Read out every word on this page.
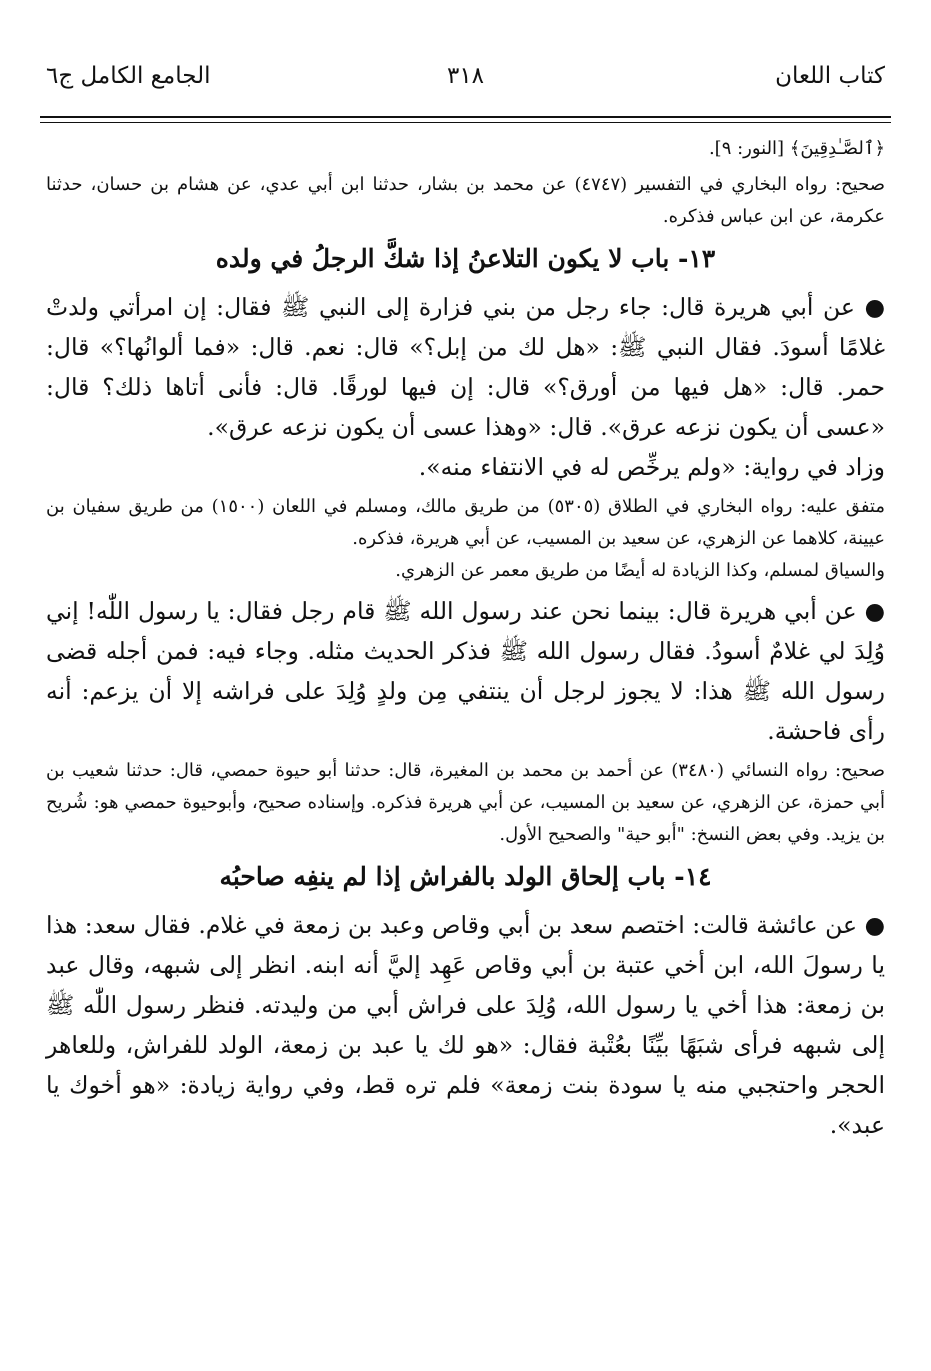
كتاب اللعان
٣١٨
الجامع الكامل ج٦

﴿ٱلصَّـٰدِقِينَ﴾ [النور: ٩].

صحيح: رواه البخاري في التفسير (٤٧٤٧) عن محمد بن بشار، حدثنا ابن أبي عدي، عن هشام بن حسان، حدثنا عكرمة، عن ابن عباس فذكره.

١٣- باب لا يكون التلاعنُ إذا شكَّ الرجلُ في ولده

● عن أبي هريرة قال: جاء رجل من بني فزارة إلى النبي ﷺ فقال: إن امرأتي ولدتْ غلامًا أسودَ. فقال النبي ﷺ: «هل لك من إبل؟» قال: نعم. قال: «فما ألوانُها؟» قال: حمر. قال: «هل فيها من أورق؟» قال: إن فيها لورقًا. قال: فأنى أتاها ذلك؟ قال: «عسى أن يكون نزعه عرق». قال: «وهذا عسى أن يكون نزعه عرق».

وزاد في رواية: «ولم يرخِّص له في الانتفاء منه».

متفق عليه: رواه البخاري في الطلاق (٥٣٠٥) من طريق مالك، ومسلم في اللعان (١٥٠٠) من طريق سفيان بن عيينة، كلاهما عن الزهري، عن سعيد بن المسيب، عن أبي هريرة، فذكره.

والسياق لمسلم، وكذا الزيادة له أيضًا من طريق معمر عن الزهري.

● عن أبي هريرة قال: بينما نحن عند رسول الله ﷺ قام رجل فقال: يا رسول اللّٰه! إني وُلِدَ لي غلامٌ أسودُ. فقال رسول الله ﷺ فذكر الحديث مثله. وجاء فيه: فمن أجله قضى رسول الله ﷺ هذا: لا يجوز لرجل أن ينتفي مِن ولدٍ وُلِدَ على فراشه إلا أن يزعم: أنه رأى فاحشة.

صحيح: رواه النسائي (٣٤٨٠) عن أحمد بن محمد بن المغيرة، قال: حدثنا أبو حيوة حمصي، قال: حدثنا شعيب بن أبي حمزة، عن الزهري، عن سعيد بن المسيب، عن أبي هريرة فذكره. وإسناده صحيح، وأبوحيوة حمصي هو: شُريح بن يزيد. وفي بعض النسخ: "أبو حية" والصحيح الأول.

١٤- باب إلحاق الولد بالفراش إذا لم ينفِه صاحبُه

● عن عائشة قالت: اختصم سعد بن أبي وقاص وعبد بن زمعة في غلام. فقال سعد: هذا يا رسولَ الله، ابن أخي عتبة بن أبي وقاص عَهِد إليَّ أنه ابنه. انظر إلى شبهه، وقال عبد بن زمعة: هذا أخي يا رسول الله، وُلِدَ على فراش أبي من وليدته. فنظر رسول اللّٰه ﷺ إلى شبهه فرأى شبَهًا بيِّنًا بعُتْبة فقال: «هو لك يا عبد بن زمعة، الولد للفراش، وللعاهر الحجر واحتجبي منه يا سودة بنت زمعة» فلم تره قط، وفي رواية زيادة: «هو أخوك يا عبد».
